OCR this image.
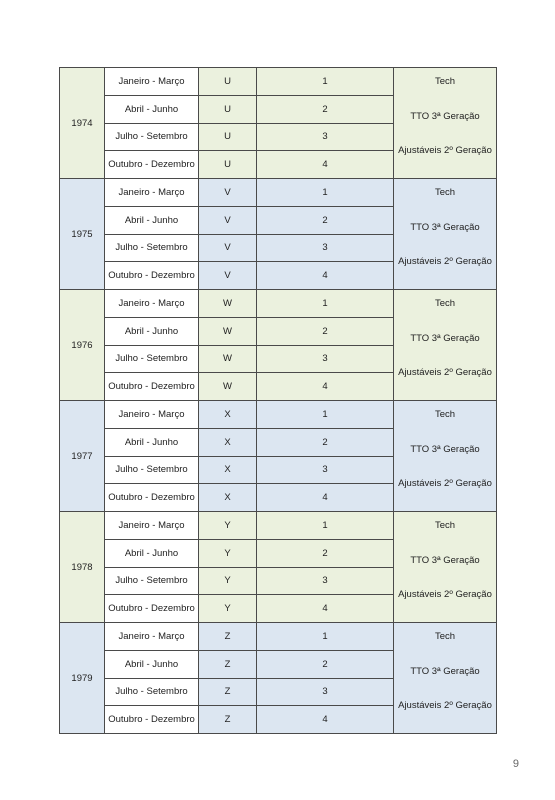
1974	Janeiro - Março	U	1	Tech
TTO 3ª Geração
Ajustáveis 2º Geração

	Abril - Junho	U	2	
	Julho - Setembro	U	3	
	Outubro - Dezembro	U	4	
1975	Janeiro - Março	V	1	Tech
TTO 3ª Geração
Ajustáveis 2º Geração

	Abril - Junho	V	2	
	Julho - Setembro	V	3	
	Outubro - Dezembro	V	4	
1976	Janeiro - Março	W	1	Tech
TTO 3ª Geração
Ajustáveis 2º Geração

	Abril - Junho	W	2	
	Julho - Setembro	W	3	
	Outubro - Dezembro	W	4	
1977	Janeiro - Março	X	1	Tech
TTO 3ª Geração
Ajustáveis 2º Geração

	Abril - Junho	X	2	
	Julho - Setembro	X	3	
	Outubro - Dezembro	X	4	
1978	Janeiro - Março	Y	1	Tech
TTO 3ª Geração
Ajustáveis 2º Geração

	Abril - Junho	Y	2	
	Julho - Setembro	Y	3	
	Outubro - Dezembro	Y	4	
1979	Janeiro - Março	Z	1	Tech
TTO 3ª Geração
Ajustáveis 2º Geração

	Abril - Junho	Z	2	
	Julho - Setembro	Z	3	
	Outubro - Dezembro	Z	4	
9
